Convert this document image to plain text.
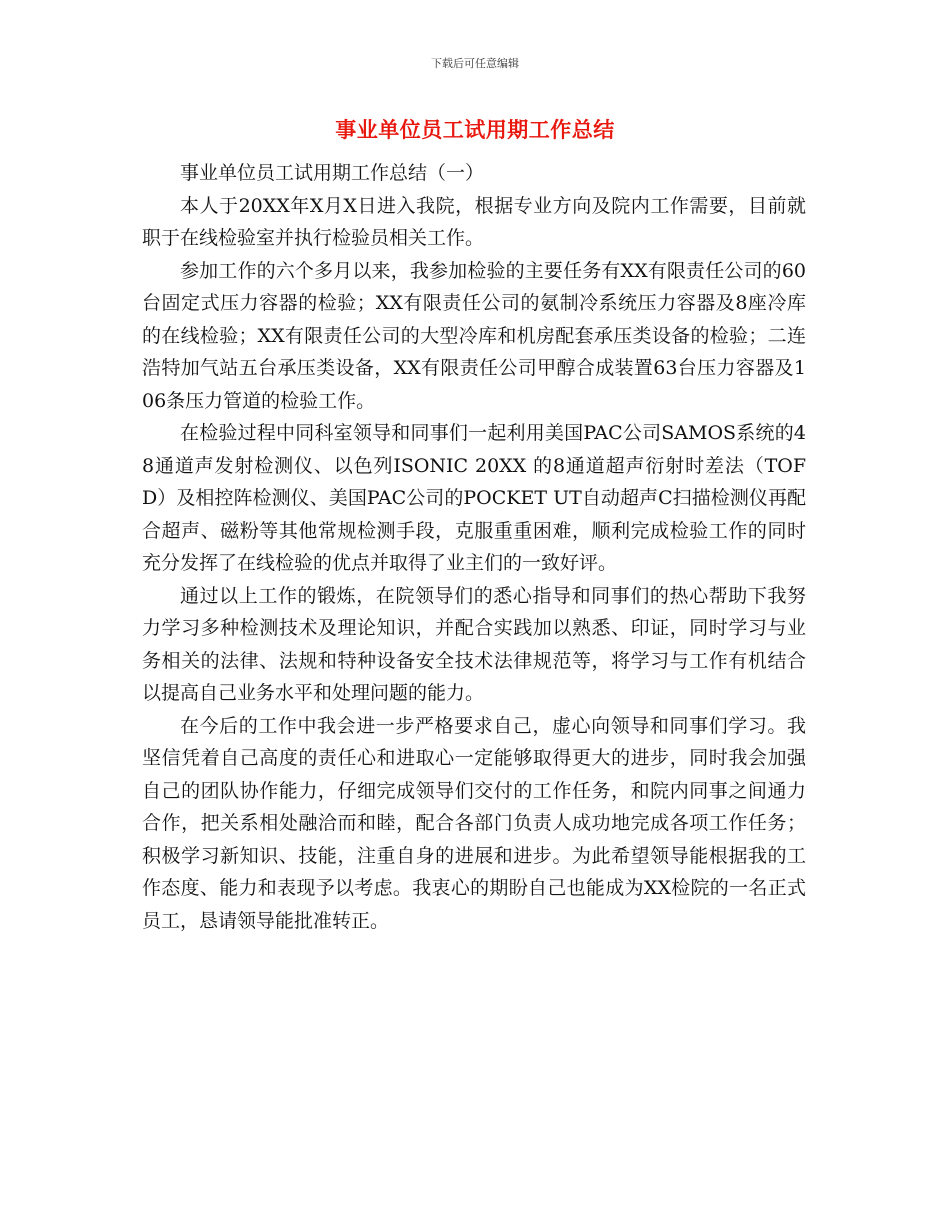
下载后可任意编辑
事业单位员工试用期工作总结

事业单位员工试用期工作总结（一）

本人于20XX年X月X日进入我院，根据专业方向及院内工作需要，目前就职于在线检验室并执行检验员相关工作。

参加工作的六个多月以来，我参加检验的主要任务有XX有限责任公司的60台固定式压力容器的检验；XX有限责任公司的氨制冷系统压力容器及8座冷库的在线检验；XX有限责任公司的大型冷库和机房配套承压类设备的检验；二连浩特加气站五台承压类设备，XX有限责任公司甲醇合成装置63台压力容器及106条压力管道的检验工作。

在检验过程中同科室领导和同事们一起利用美国PAC公司SAMOS系统的48通道声发射检测仪、以色列ISONIC 20XX 的8通道超声衍射时差法（TOFD）及相控阵检测仪、美国PAC公司的POCKET UT自动超声C扫描检测仪再配合超声、磁粉等其他常规检测手段，克服重重困难，顺利完成检验工作的同时充分发挥了在线检验的优点并取得了业主们的一致好评。

通过以上工作的锻炼，在院领导们的悉心指导和同事们的热心帮助下我努力学习多种检测技术及理论知识，并配合实践加以熟悉、印证，同时学习与业务相关的法律、法规和特种设备安全技术法律规范等，将学习与工作有机结合以提高自己业务水平和处理问题的能力。

在今后的工作中我会进一步严格要求自己，虚心向领导和同事们学习。我坚信凭着自己高度的责任心和进取心一定能够取得更大的进步，同时我会加强自己的团队协作能力，仔细完成领导们交付的工作任务，和院内同事之间通力合作，把关系相处融洽而和睦，配合各部门负责人成功地完成各项工作任务；积极学习新知识、技能，注重自身的进展和进步。为此希望领导能根据我的工作态度、能力和表现予以考虑。我衷心的期盼自己也能成为XX检院的一名正式员工，恳请领导能批准转正。
